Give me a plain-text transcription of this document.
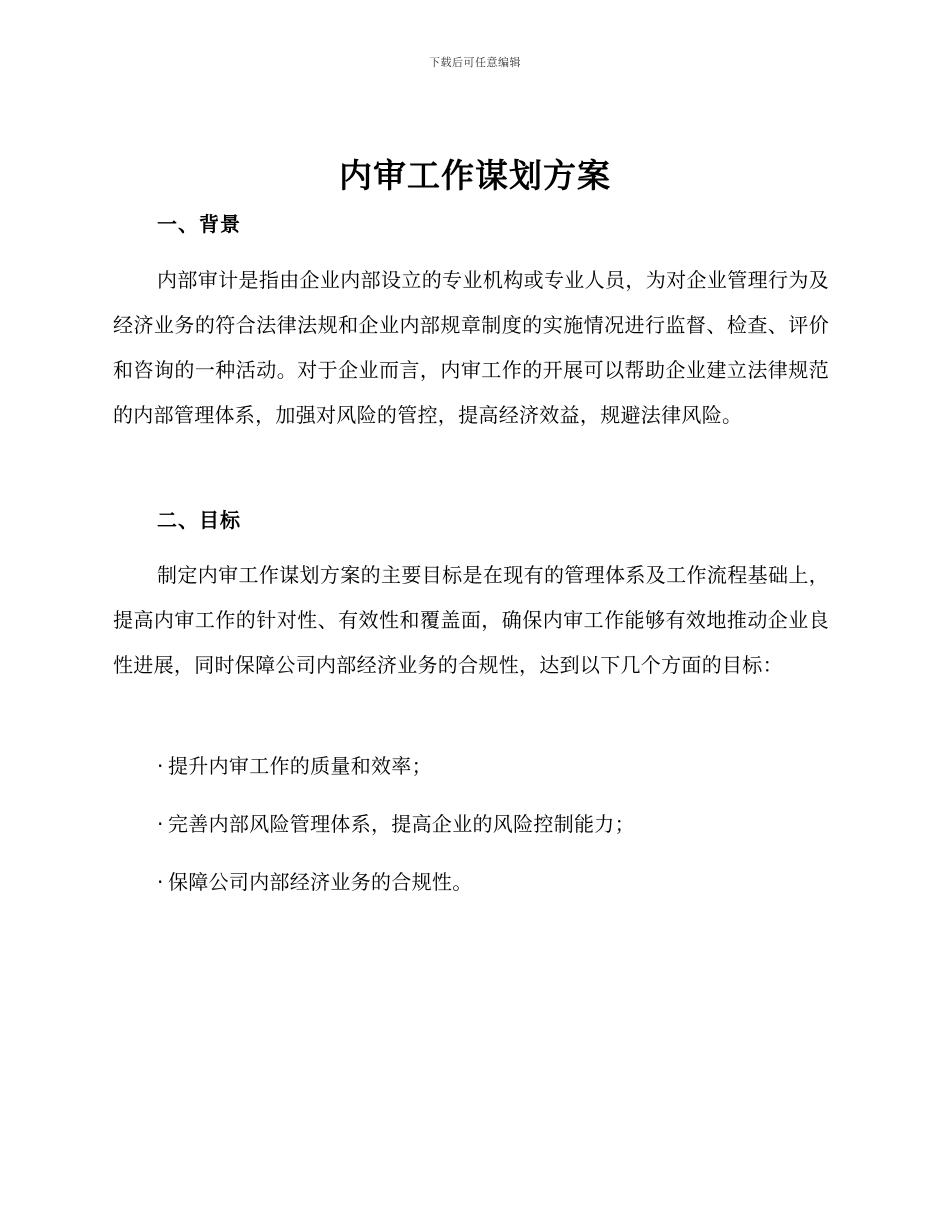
下载后可任意编辑
内审工作谋划方案
一、背景

内部审计是指由企业内部设立的专业机构或专业人员，为对企业管理行为及经济业务的符合法律法规和企业内部规章制度的实施情况进行监督、检查、评价和咨询的一种活动。对于企业而言，内审工作的开展可以帮助企业建立法律规范的内部管理体系，加强对风险的管控，提高经济效益，规避法律风险。

二、目标

制定内审工作谋划方案的主要目标是在现有的管理体系及工作流程基础上，提高内审工作的针对性、有效性和覆盖面，确保内审工作能够有效地推动企业良性进展，同时保障公司内部经济业务的合规性，达到以下几个方面的目标：

· 提升内审工作的质量和效率；
· 完善内部风险管理体系，提高企业的风险控制能力；
· 保障公司内部经济业务的合规性。
